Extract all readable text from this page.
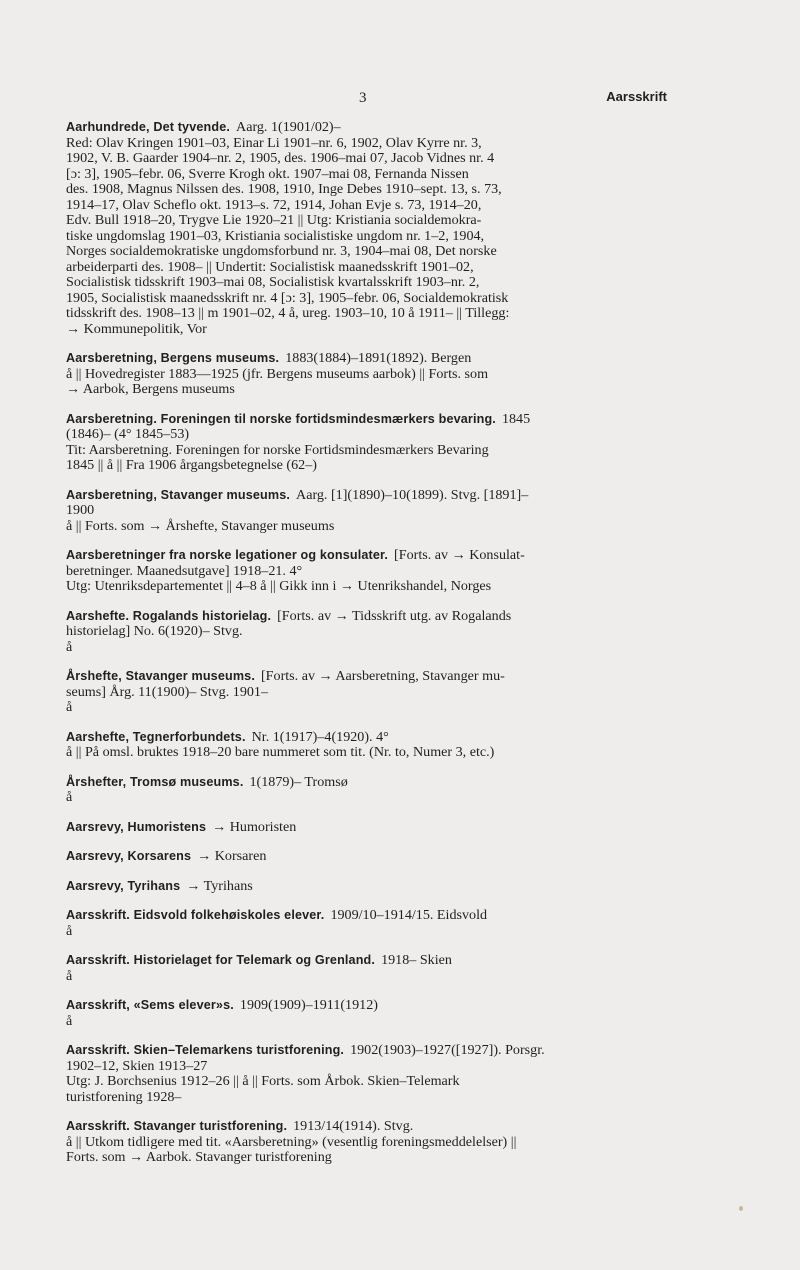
3	Aarsskrift
Aarhundrede, Det tyvende. Aarg. 1(1901/02)–
Red: Olav Kringen 1901–03, Einar Li 1901–nr. 6, 1902, Olav Kyrre nr. 3,
1902, V. B. Gaarder 1904–nr. 2, 1905, des. 1906–mai 07, Jacob Vidnes nr. 4
[ɔ: 3], 1905–febr. 06, Sverre Krogh okt. 1907–mai 08, Fernanda Nissen
des. 1908, Magnus Nilssen des. 1908, 1910, Inge Debes 1910–sept. 13, s. 73,
1914–17, Olav Scheflo okt. 1913–s. 72, 1914, Johan Evje s. 73, 1914–20,
Edv. Bull 1918–20, Trygve Lie 1920–21 || Utg: Kristiania socialdemokra-
tiske ungdomslag 1901–03, Kristiania socialistiske ungdom nr. 1–2, 1904,
Norges socialdemokratiske ungdomsforbund nr. 3, 1904–mai 08, Det norske
arbeiderparti des. 1908– || Undertit: Socialistisk maanedsskrift 1901–02,
Socialistisk tidsskrift 1903–mai 08, Socialistisk kvartalsskrift 1903–nr. 2,
1905, Socialistisk maanedsskrift nr. 4 [ɔ: 3], 1905–febr. 06, Socialdemokratisk
tidsskrift des. 1908–13 || m 1901–02, 4 å, ureg. 1903–10, 10 å 1911– || Tillegg:
→ Kommunepolitik, Vor
Aarsberetning, Bergens museums. 1883(1884)–1891(1892). Bergen
å || Hovedregister 1883—1925 (jfr. Bergens museums aarbok) || Forts. som
→ Aarbok, Bergens museums
Aarsberetning. Foreningen til norske fortidsmindesmærkers bevaring. 1845
(1846)– (4° 1845–53)
Tit: Aarsberetning. Foreningen for norske Fortidsmindesmærkers Bevaring
1845 || å || Fra 1906 årgangsbetegnelse (62–)
Aarsberetning, Stavanger museums. Aarg. [1](1890)–10(1899). Stvg. [1891]–
1900
å || Forts. som → Årshefte, Stavanger museums
Aarsberetninger fra norske legationer og konsulater. [Forts. av → Konsulat-
beretninger. Maanedsutgave] 1918–21. 4°
Utg: Utenriksdepartementet || 4–8 å || Gikk inn i → Utenrikshandel, Norges
Aarshefte. Rogalands historielag. [Forts. av → Tidsskrift utg. av Rogalands
historielag] No. 6(1920)– Stvg.
å
Årshefte, Stavanger museums. [Forts. av → Aarsberetning, Stavanger mu-
seums] Årg. 11(1900)– Stvg. 1901–
å
Aarshefte, Tegnerforbundets. Nr. 1(1917)–4(1920). 4°
å || På omsl. bruktes 1918–20 bare nummeret som tit. (Nr. to, Numer 3, etc.)
Årshefter, Tromsø museums. 1(1879)– Tromsø
å
Aarsrevy, Humoristens → Humoristen
Aarsrevy, Korsarens → Korsaren
Aarsrevy, Tyrihans → Tyrihans
Aarsskrift. Eidsvold folkehøiskoles elever. 1909/10–1914/15. Eidsvold
å
Aarsskrift. Historielaget for Telemark og Grenland. 1918– Skien
å
Aarsskrift, «Sems elever»s. 1909(1909)–1911(1912)
å
Aarsskrift. Skien–Telemarkens turistforening. 1902(1903)–1927([1927]). Porsgr.
1902–12, Skien 1913–27
Utg: J. Borchsenius 1912–26 || å || Forts. som Årbok. Skien–Telemark
turistforening 1928–
Aarsskrift. Stavanger turistforening. 1913/14(1914). Stvg.
å || Utkom tidligere med tit. «Aarsberetning» (vesentlig foreningsmeddelelser) ||
Forts. som → Aarbok. Stavanger turistforening
